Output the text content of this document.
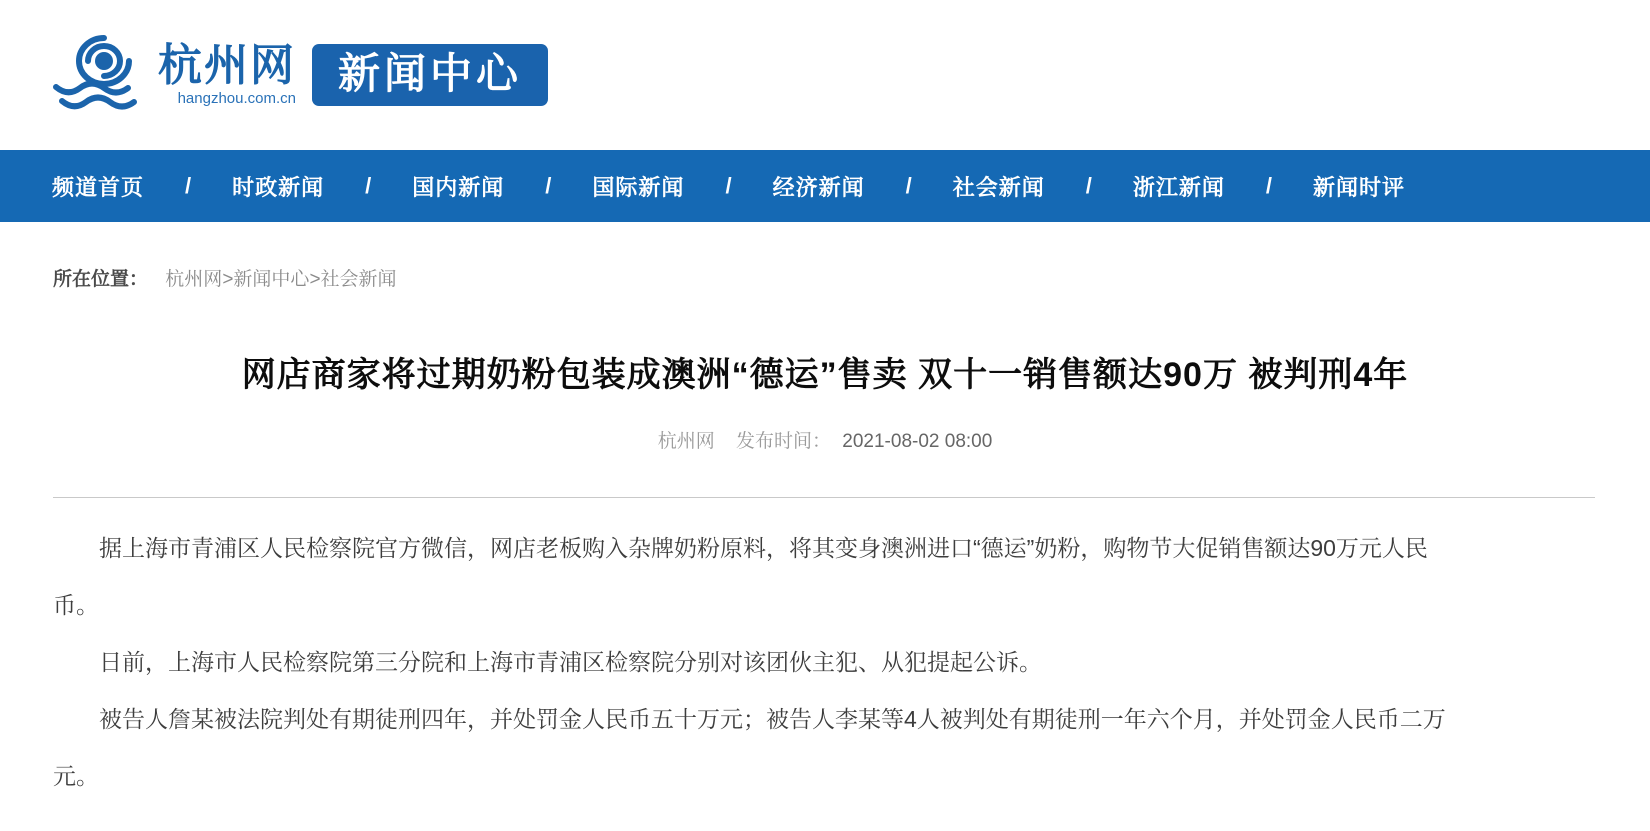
杭州网
hangzhou.com.cn
新闻中心
频道首页 / 时政新闻 / 国内新闻 / 国际新闻 / 经济新闻 / 社会新闻 / 浙江新闻 / 新闻时评
所在位置： 杭州网>新闻中心>社会新闻
网店商家将过期奶粉包装成澳洲“德运”售卖 双十一销售额达90万 被判刑4年
杭州网 发布时间： 2021-08-02 08:00

据上海市青浦区人民检察院官方微信，网店老板购入杂牌奶粉原料，将其变身澳洲进口“德运”奶粉，购物节大促销售额达90万元人民币。

日前，上海市人民检察院第三分院和上海市青浦区检察院分别对该团伙主犯、从犯提起公诉。

被告人詹某被法院判处有期徒刑四年，并处罚金人民币五十万元；被告人李某等4人被判处有期徒刑一年六个月，并处罚金人民币二万元。
